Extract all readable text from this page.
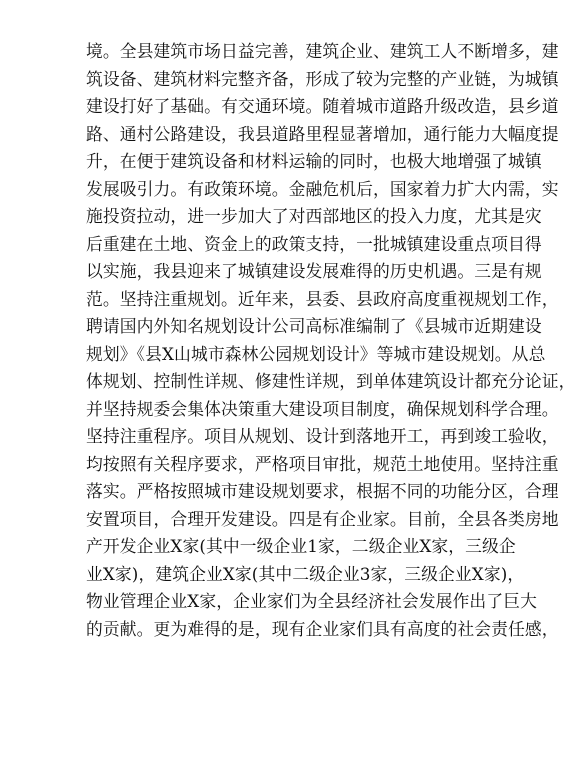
境。全县建筑市场日益完善，建筑企业、建筑工人不断增多，建
筑设备、建筑材料完整齐备，形成了较为完整的产业链，为城镇
建设打好了基础。有交通环境。随着城市道路升级改造，县乡道
路、通村公路建设，我县道路里程显著增加，通行能力大幅度提
升，在便于建筑设备和材料运输的同时，也极大地增强了城镇
发展吸引力。有政策环境。金融危机后，国家着力扩大内需，实
施投资拉动，进一步加大了对西部地区的投入力度，尤其是灾
后重建在土地、资金上的政策支持，一批城镇建设重点项目得
以实施，我县迎来了城镇建设发展难得的历史机遇。三是有规
范。坚持注重规划。近年来，县委、县政府高度重视规划工作，
聘请国内外知名规划设计公司高标准编制了《县城市近期建设
规划》《县X山城市森林公园规划设计》等城市建设规划。从总
体规划、控制性详规、修建性详规，到单体建筑设计都充分论证，
并坚持规委会集体决策重大建设项目制度，确保规划科学合理。
坚持注重程序。项目从规划、设计到落地开工，再到竣工验收，
均按照有关程序要求，严格项目审批，规范土地使用。坚持注重
落实。严格按照城市建设规划要求，根据不同的功能分区，合理
安置项目，合理开发建设。四是有企业家。目前，全县各类房地
产开发企业X家(其中一级企业1家，二级企业X家，三级企
业X家)，建筑企业X家(其中二级企业3家，三级企业X家)，
物业管理企业X家，企业家们为全县经济社会发展作出了巨大
的贡献。更为难得的是，现有企业家们具有高度的社会责任感，
